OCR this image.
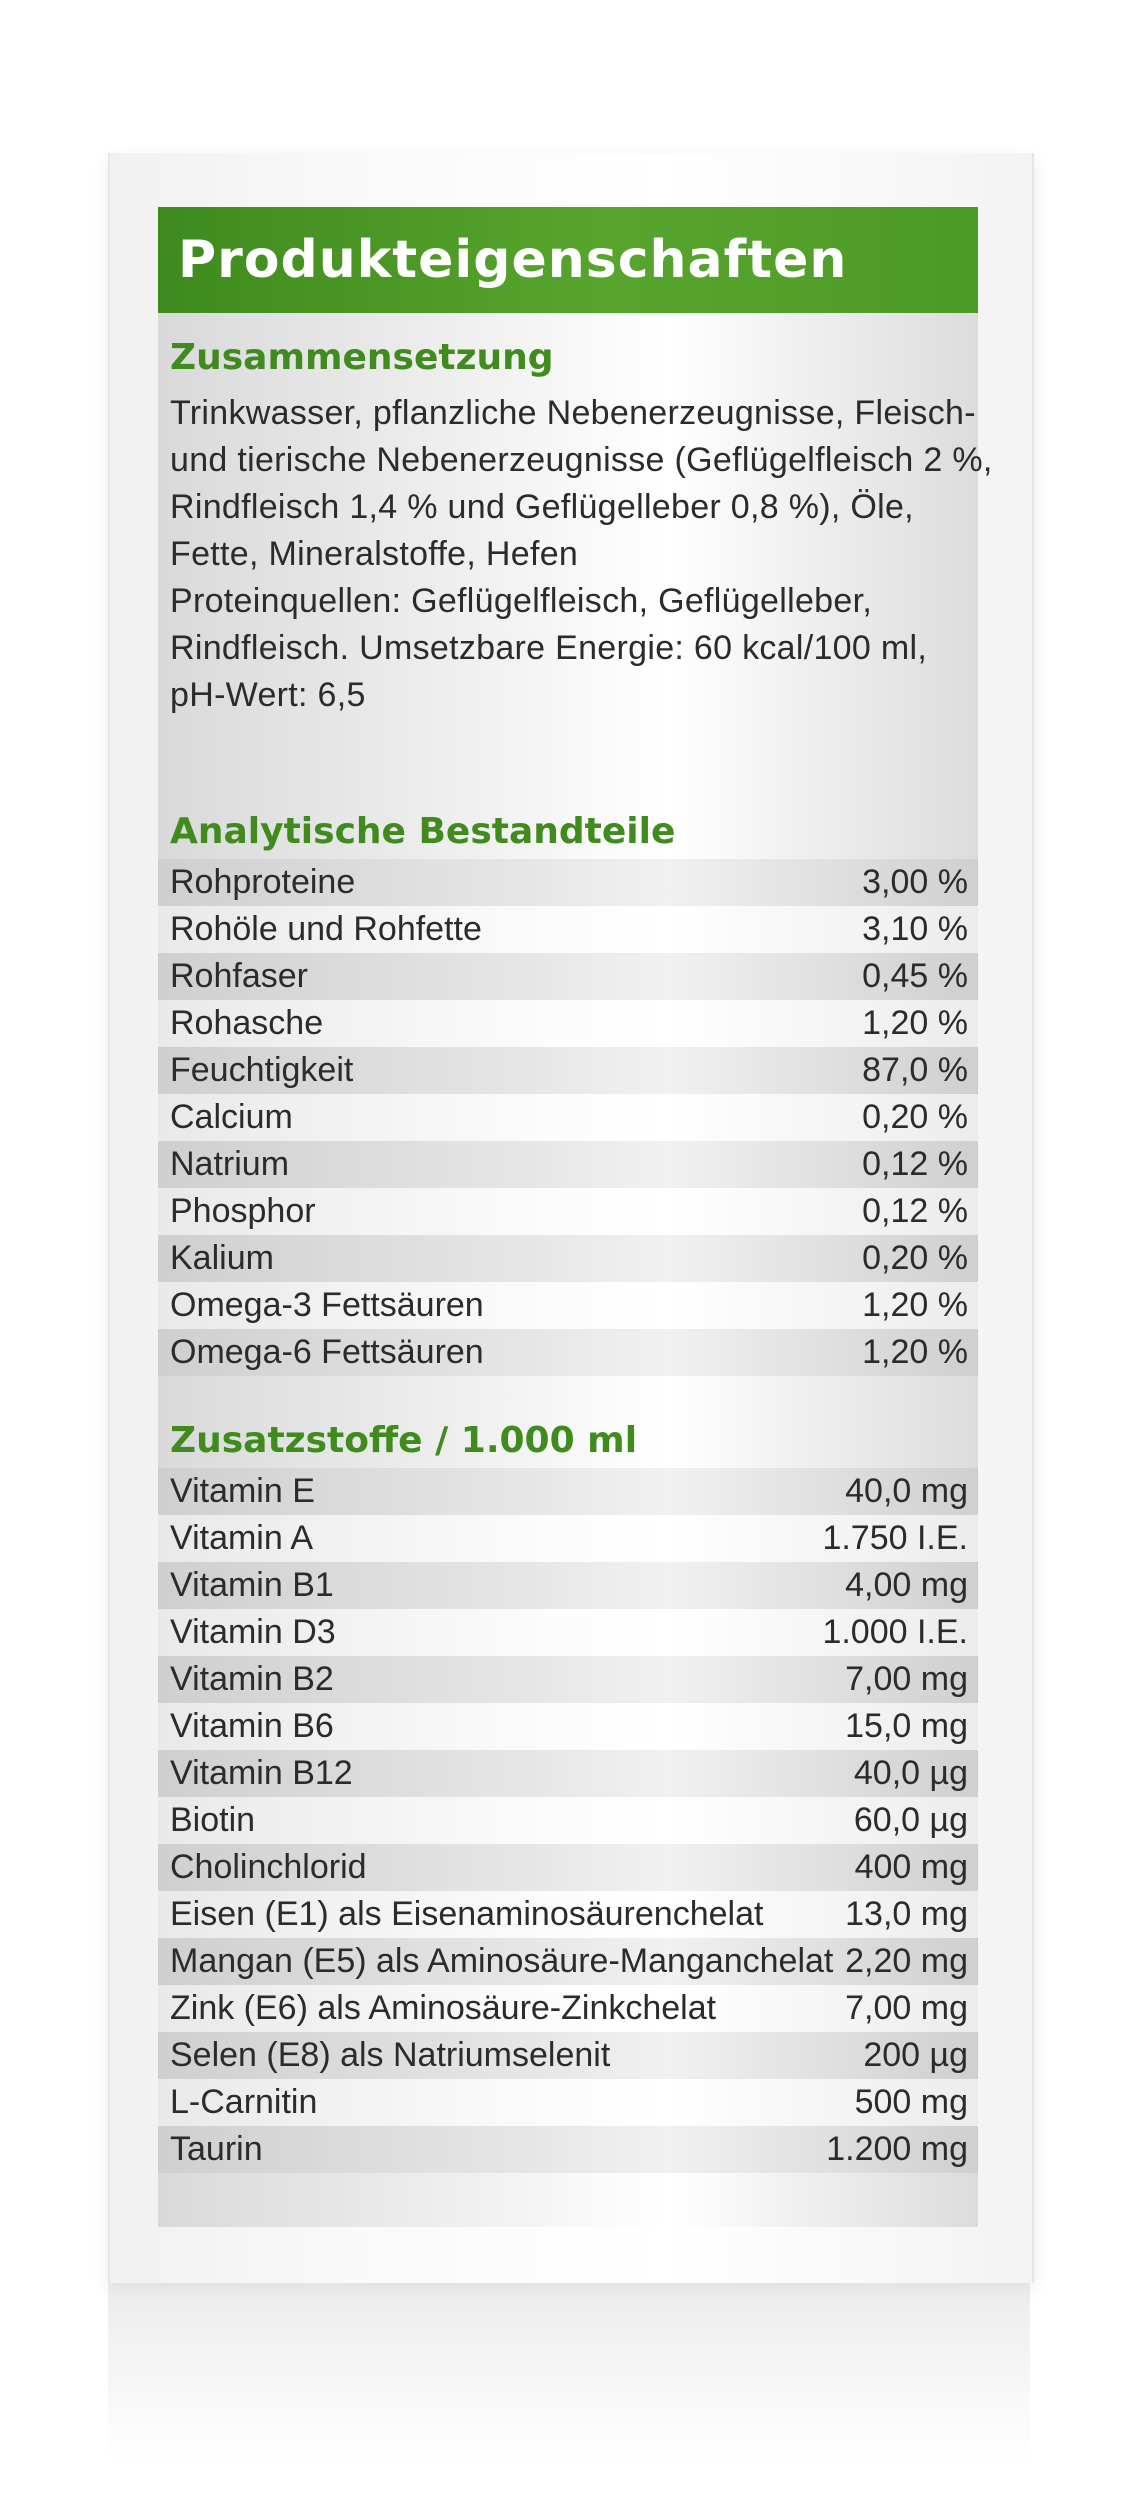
Produkteigenschaften
Zusammensetzung
Trinkwasser, pflanzliche Nebenerzeugnisse, Fleisch-
und tierische Nebenerzeugnisse (Geflügelfleisch 2 %,
Rindfleisch 1,4 % und Geflügelleber 0,8 %), Öle,
Fette, Mineralstoffe, Hefen
Proteinquellen: Geflügelfleisch, Geflügelleber,
Rindfleisch. Umsetzbare Energie: 60 kcal/100 ml,
pH-Wert: 6,5
Analytische Bestandteile
Rohproteine	3,00 %
Rohöle und Rohfette	3,10 %
Rohfaser	0,45 %
Rohasche	1,20 %
Feuchtigkeit	87,0 %
Calcium	0,20 %
Natrium	0,12 %
Phosphor	0,12 %
Kalium	0,20 %
Omega-3 Fettsäuren	1,20 %
Omega-6 Fettsäuren	1,20 %
Zusatzstoffe / 1.000 ml
Vitamin E	40,0 mg
Vitamin A	1.750 I.E.
Vitamin B1	4,00 mg
Vitamin D3	1.000 I.E.
Vitamin B2	7,00 mg
Vitamin B6	15,0 mg
Vitamin B12	40,0 µg
Biotin	60,0 µg
Cholinchlorid	400 mg
Eisen (E1) als Eisenaminosäurenchelat 13,0 mg
Mangan (E5) als Aminosäure-Manganchelat 2,20 mg
Zink (E6) als Aminosäure-Zinkchelat	7,00 mg
Selen (E8) als Natriumselenit	200 µg
L-Carnitin	500 mg
Taurin	1.200 mg
